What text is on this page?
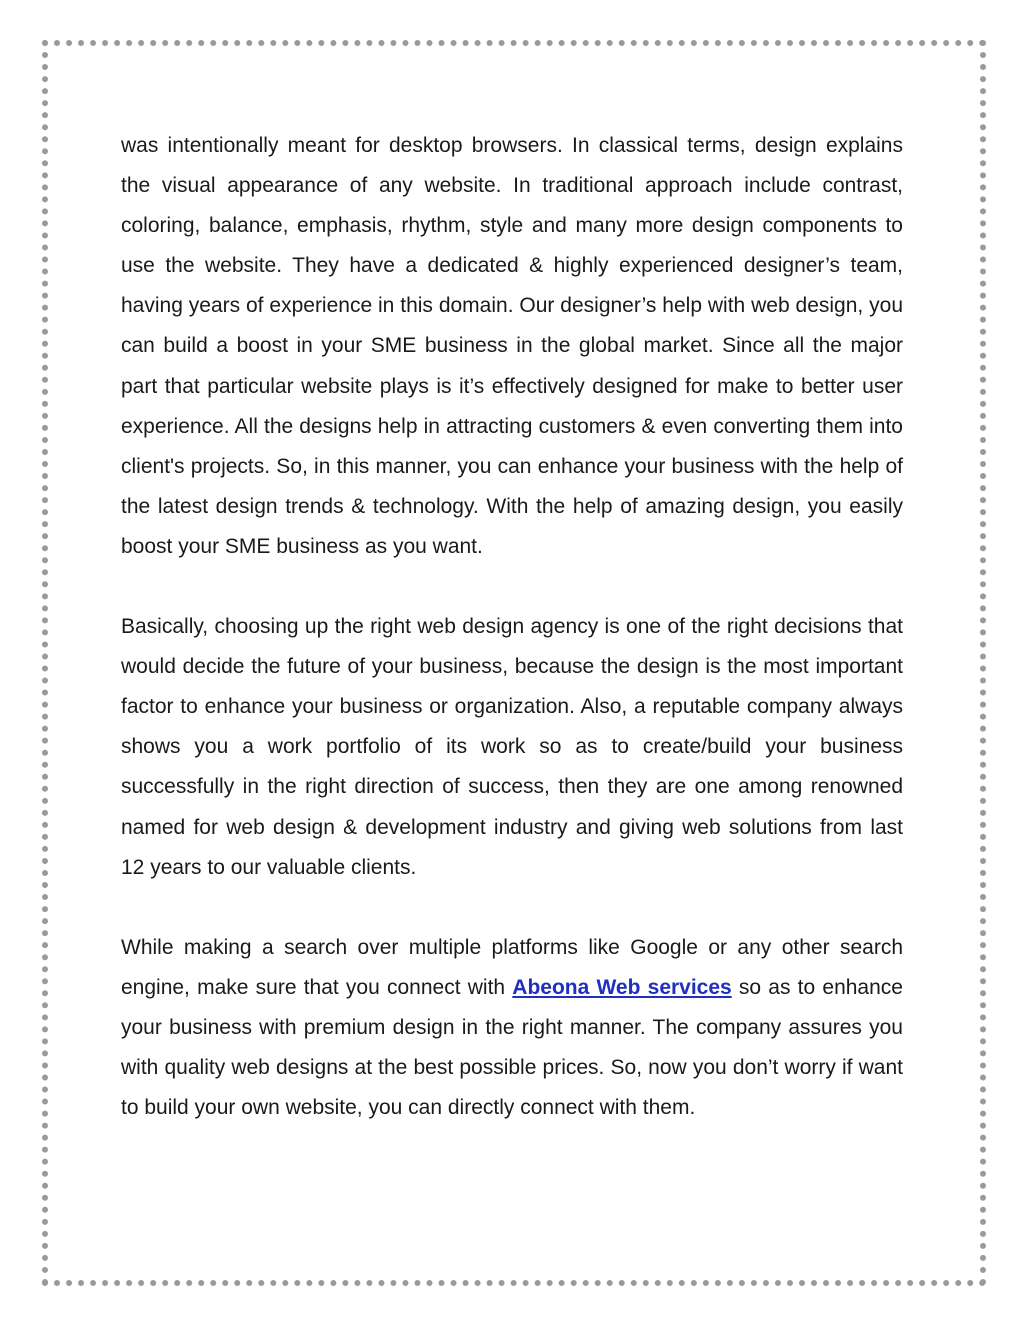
was intentionally meant for desktop browsers. In classical terms, design explains the visual appearance of any website. In traditional approach include contrast, coloring, balance, emphasis, rhythm, style and many more design components to use the website. They have a dedicated & highly experienced designer’s team, having years of experience in this domain. Our designer’s help with web design, you can build a boost in your SME business in the global market. Since all the major part that particular website plays is it’s effectively designed for make to better user experience. All the designs help in attracting customers & even converting them into client's projects. So, in this manner, you can enhance your business with the help of the latest design trends & technology. With the help of amazing design, you easily boost your SME business as you want.

Basically, choosing up the right web design agency is one of the right decisions that would decide the future of your business, because the design is the most important factor to enhance your business or organization. Also, a reputable company always shows you a work portfolio of its work so as to create/build your business successfully in the right direction of success, then they are one among renowned named for web design & development industry and giving web solutions from last 12 years to our valuable clients.

While making a search over multiple platforms like Google or any other search engine, make sure that you connect with Abeona Web services so as to enhance your business with premium design in the right manner. The company assures you with quality web designs at the best possible prices. So, now you don’t worry if want to build your own website, you can directly connect with them.
